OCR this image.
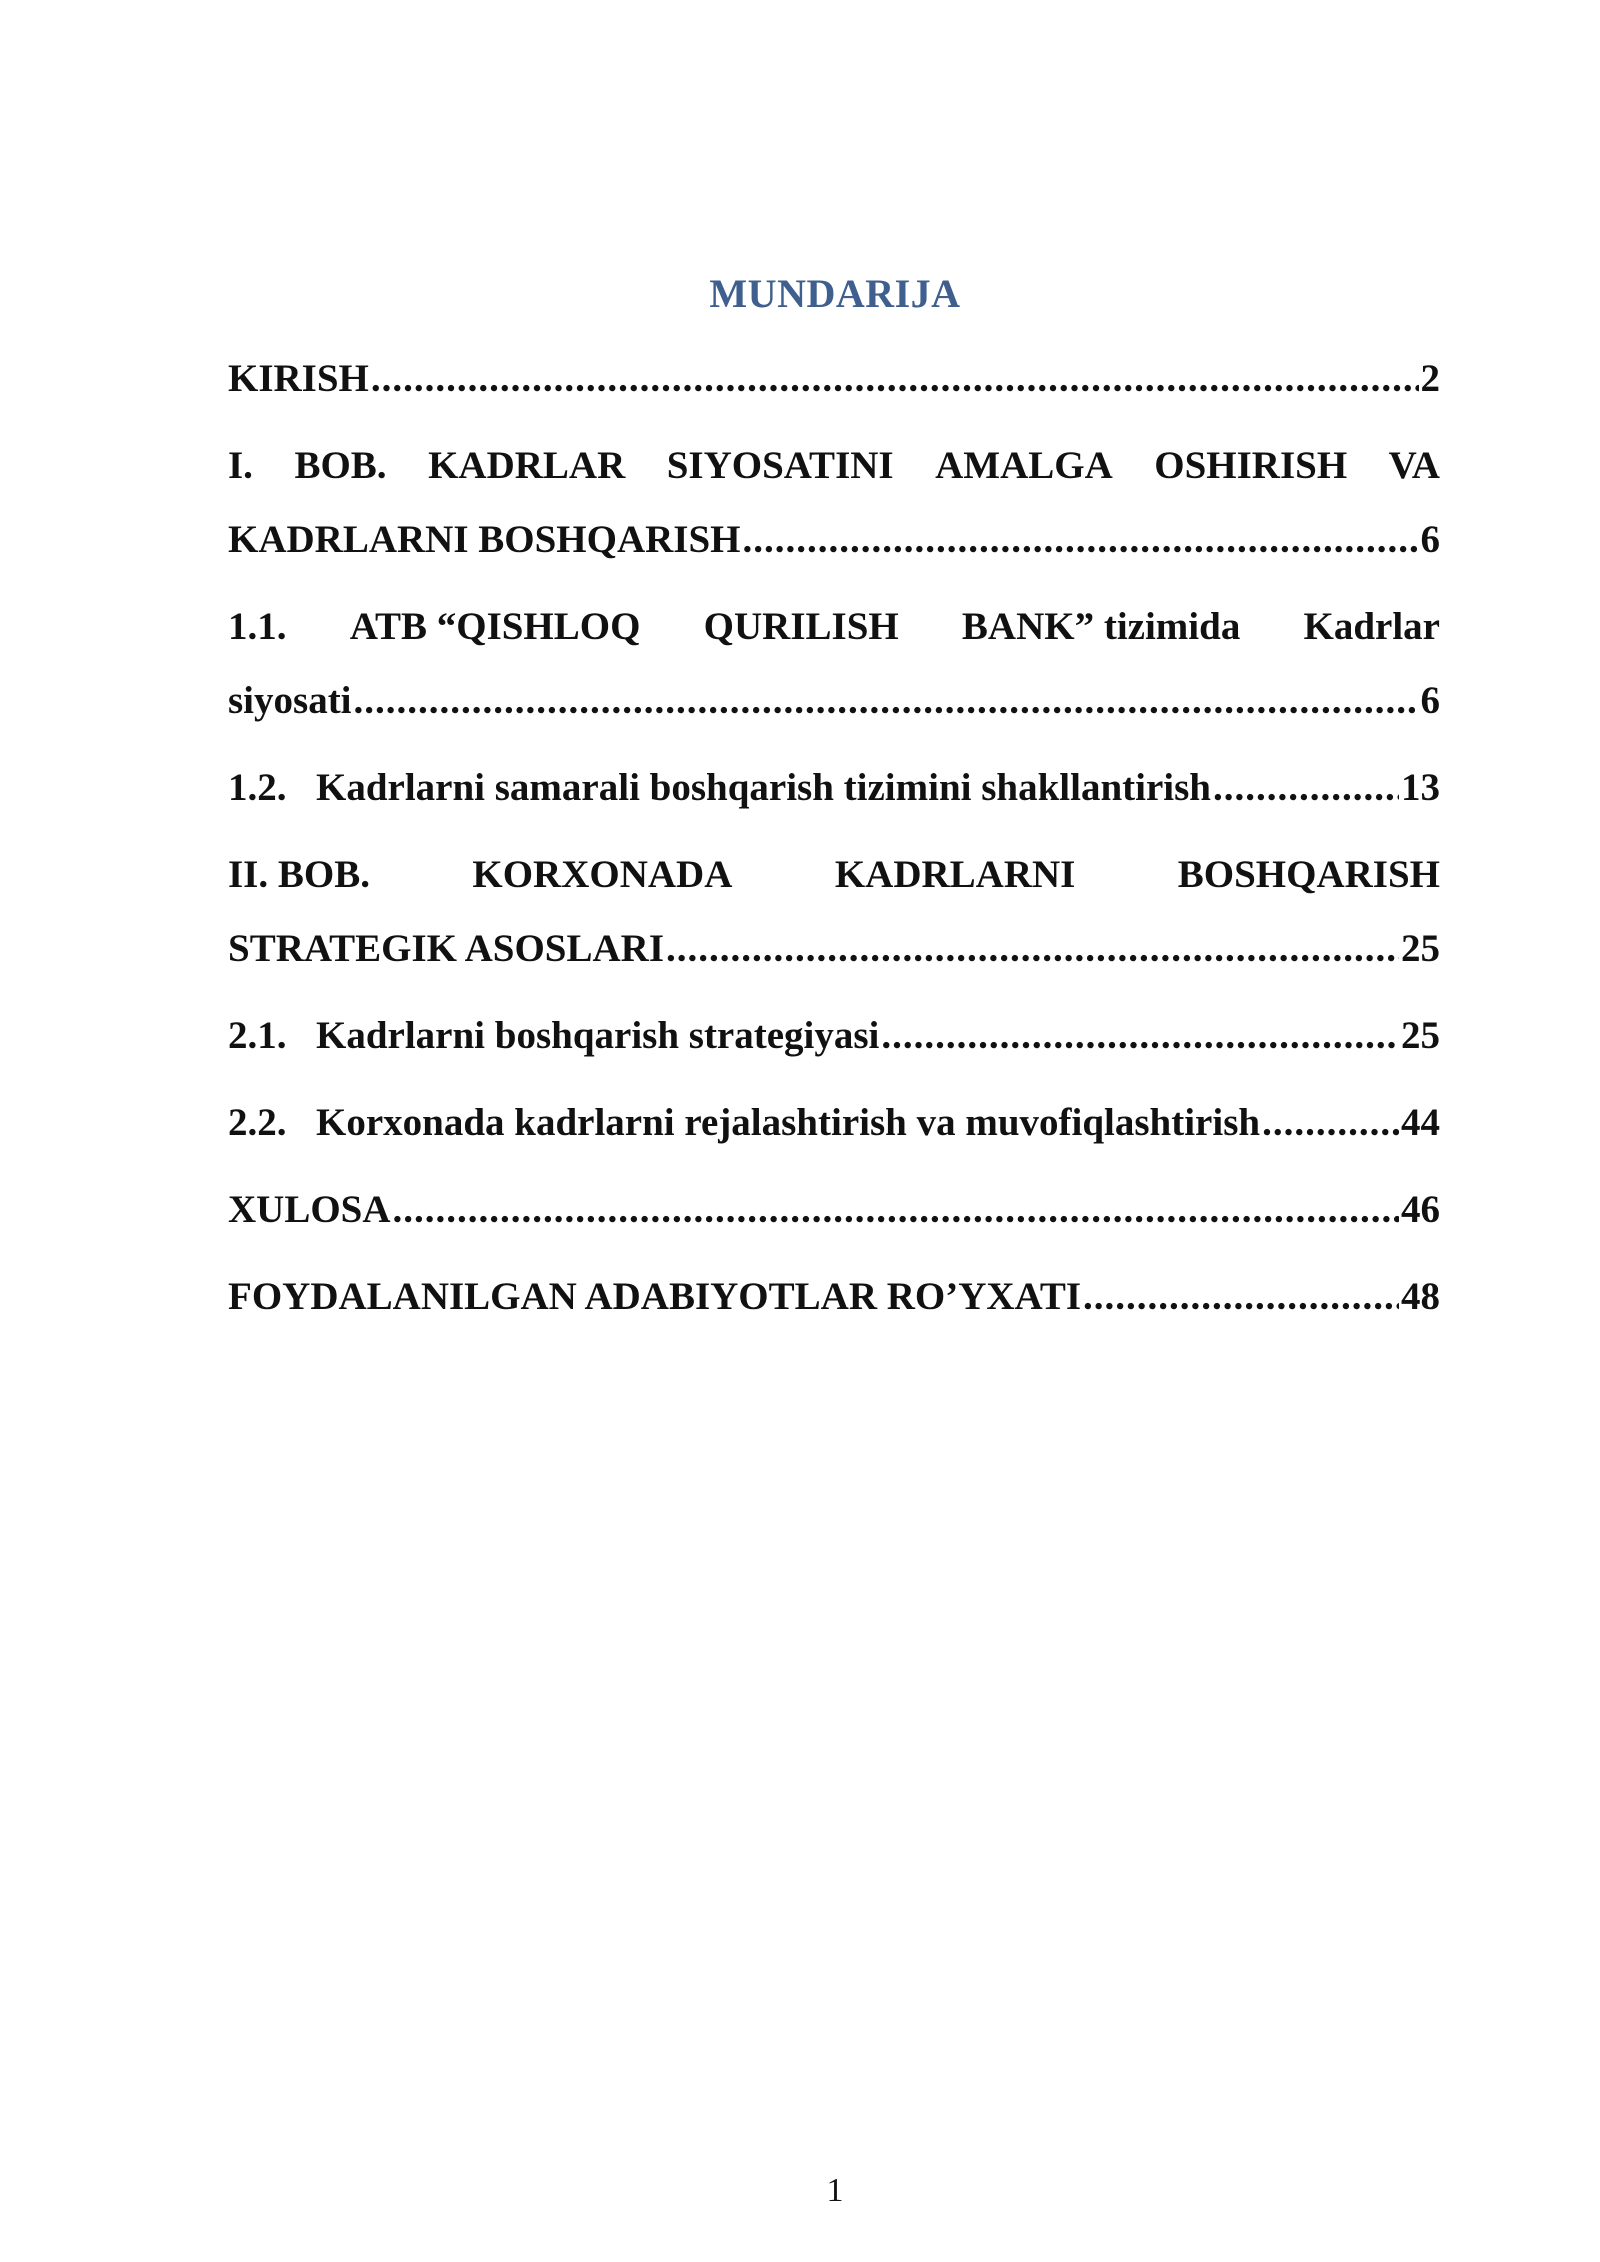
MUNDARIJA
KIRISH .....	2
I. BOB. KADRLAR SIYOSATINI AMALGA OSHIRISH VA
KADRLARNI BOSHQARISH .....	6
1.1. ATB “QISHLOQ QURILISH BANK” tizimida Kadrlar
siyosati .....	6
1.2. Kadrlarni samarali boshqarish tizimini shakllantirish .....	13
II. BOB.	KORXONADA	KADRLARNI	BOSHQARISH
STRATEGIK ASOSLARI .....	25
2.1. Kadrlarni boshqarish strategiyasi .....	25
2.2. Korxonada kadrlarni rejalashtirish va muvofiqlashtirish .....	44
XULOSA .....	46
FOYDALANILGAN ADABIYOTLAR RO’YXATI .....	48
1
